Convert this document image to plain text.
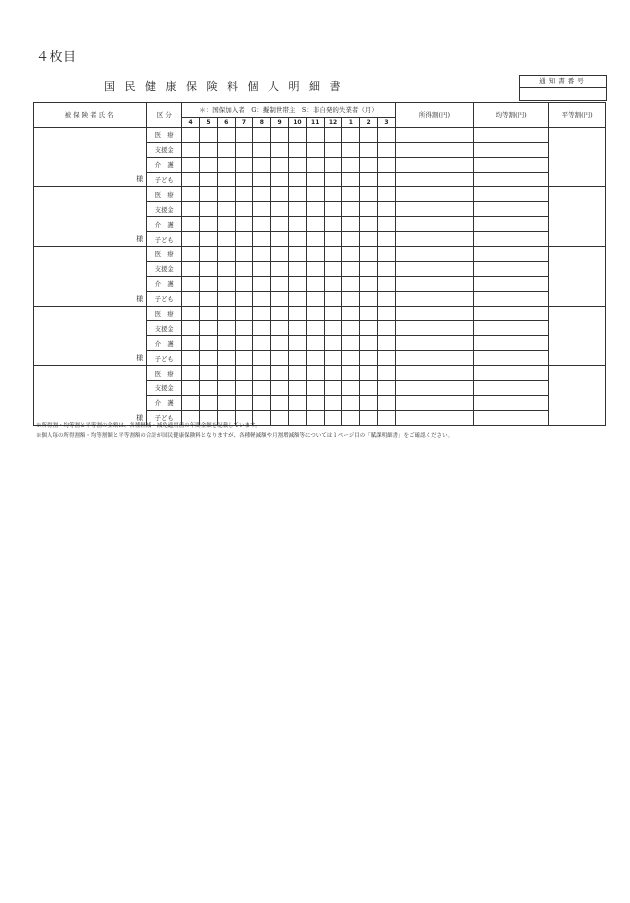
４枚目
国民健康保険料個人明細書	通知書番号
被保険者氏名	区 分	＊：国保加入者　G：擬制世帯主　S：非自発的失業者（月）												所得割(円)	均等割(円)	平等割(円)
		4	5	6	7	8	9	10	11	12	1	2	3			
様	医　療															
	支援金															
	介　護															
	子ども															
様	医　療															
	支援金															
	介　護															
	子ども															
様	医　療															
	支援金															
	介　護															
	子ども															
様	医　療															
	支援金															
	介　護															
	子ども															
様	医　療															
	支援金															
	介　護															
	子ども															
※所得割・均等割と平等割の金額は、各種軽減・減免適用前の年間金額を記載しています。
※個人毎の所得割額・均等割額と平等割額の合計が国民健康保険料となりますが、各種軽減額や月割増減額等については１ページ目の「賦課明細書」をご確認ください。
